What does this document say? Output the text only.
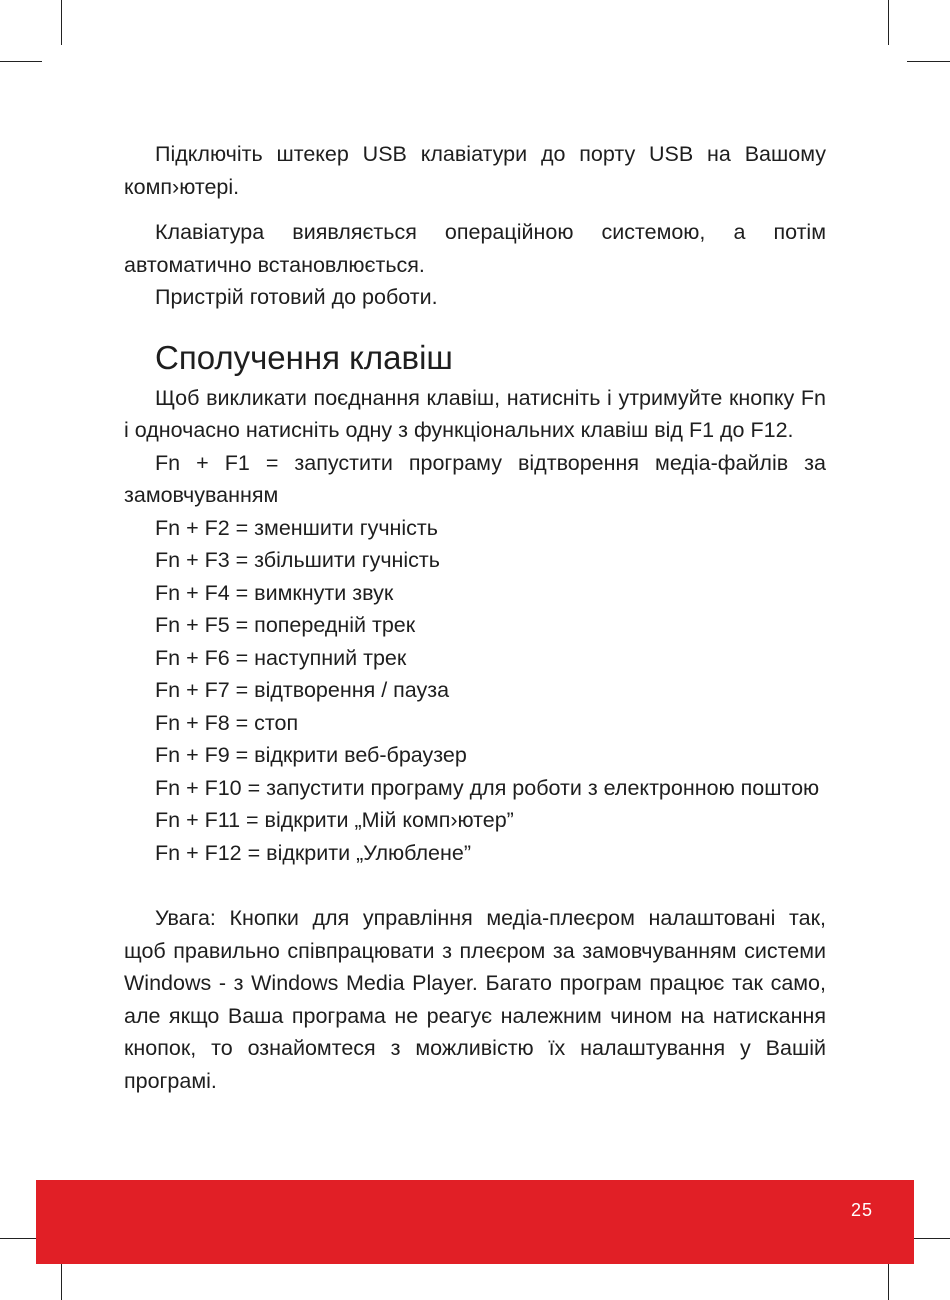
Підключіть штекер USB клавіатури до порту USB на Вашому комп›ютері.

Клавіатура виявляється операційною системою, а потім автоматично встановлюється.

Пристрій готовий до роботи.

Сполучення клавіш

Щоб викликати поєднання клавіш, натисніть і утримуйте кнопку Fn і одночасно натисніть одну з функціональних клавіш від F1 до F12.

Fn + F1 = запустити програму відтворення медіа-файлів за замовчуванням

Fn + F2 = зменшити гучність

Fn + F3 = збільшити гучність

Fn + F4 = вимкнути звук

Fn + F5 = попередній трек

Fn + F6 = наступний трек

Fn + F7 = відтворення / пауза

Fn + F8 = стоп

Fn + F9 = відкрити веб-браузер

Fn + F10 = запустити програму для роботи з електронною поштою

Fn + F11 = відкрити „Мій комп›ютер”

Fn + F12 = відкрити „Улюблене”

Увага: Кнопки для управління медіа-плеєром налаштовані так, щоб правильно співпрацювати з плеєром за замовчуванням системи Windows - з Windows Media Player. Багато програм працює так само, але якщо Ваша програма не реагує належним чином на натискання кнопок, то ознайомтеся з можливістю їх налаштування у Вашій програмі.

25
